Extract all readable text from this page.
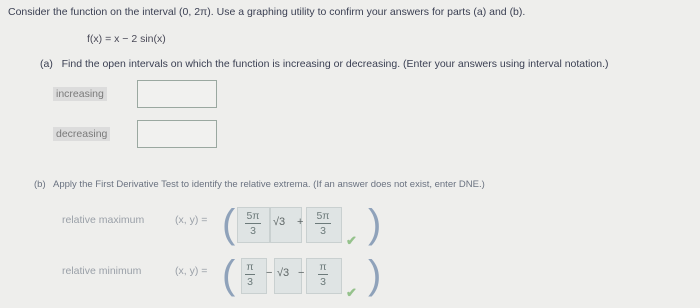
Consider the function on the interval (0, 2π). Use a graphing utility to confirm your answers for parts (a) and (b).
f(x) = x − 2 sin(x)
(a) Find the open intervals on which the function is increasing or decreasing. (Enter your answers using interval notation.)
increasing
decreasing
(b) Apply the First Derivative Test to identify the relative extrema. (If an answer does not exist, enter DNE.)
relative maximum	(x, y) = ( 5π
3
√3 + 5π
3
✔ )
relative minimum	(x, y) = ( π
3
− √3 − π
3
✔ )
